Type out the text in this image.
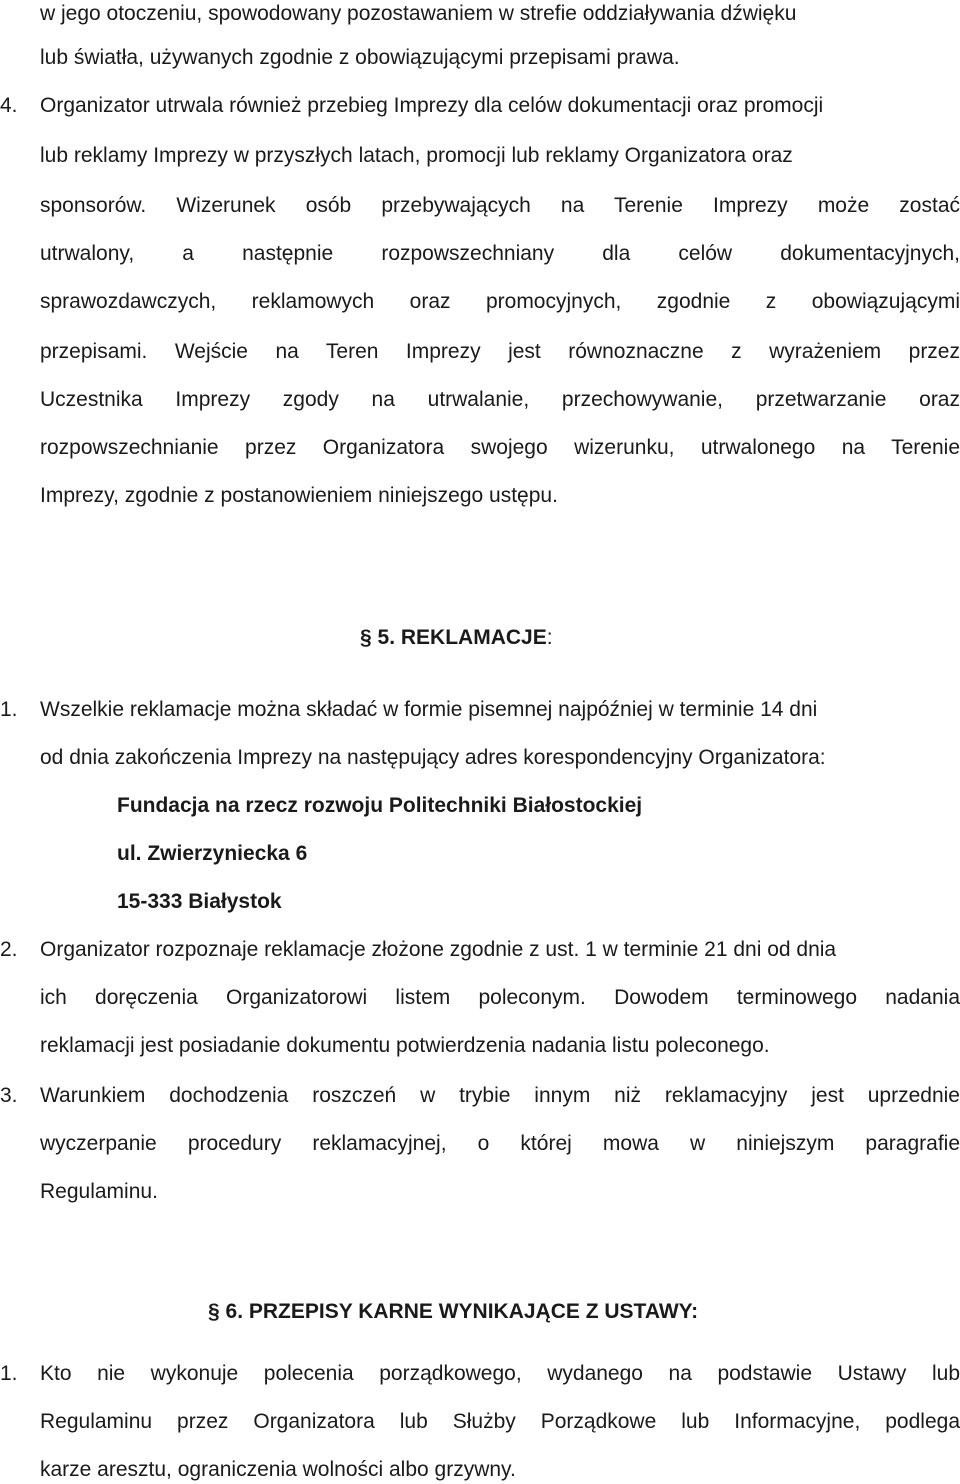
w jego otoczeniu, spowodowany pozostawaniem w strefie oddziaływania dźwięku
lub światła, używanych zgodnie z obowiązującymi przepisami prawa.
4. Organizator utrwala również przebieg Imprezy dla celów dokumentacji oraz promocji
lub reklamy Imprezy w przyszłych latach, promocji lub reklamy Organizatora oraz
sponsorów. Wizerunek osób przebywających na Terenie Imprezy może zostać
utrwalony, a następnie rozpowszechniany dla celów dokumentacyjnych,
sprawozdawczych, reklamowych oraz promocyjnych, zgodnie z obowiązującymi
przepisami. Wejście na Teren Imprezy jest równoznaczne z wyrażeniem przez
Uczestnika Imprezy zgody na utrwalanie, przechowywanie, przetwarzanie oraz
rozpowszechnianie przez Organizatora swojego wizerunku, utrwalonego na Terenie
Imprezy, zgodnie z postanowieniem niniejszego ustępu.
§ 5. REKLAMACJE:
1. Wszelkie reklamacje można składać w formie pisemnej najpóźniej w terminie 14 dni
od dnia zakończenia Imprezy na następujący adres korespondencyjny Organizatora:
Fundacja na rzecz rozwoju Politechniki Białostockiej
ul. Zwierzyniecka 6
15-333 Białystok
2. Organizator rozpoznaje reklamacje złożone zgodnie z ust. 1 w terminie 21 dni od dnia
ich doręczenia Organizatorowi listem poleconym. Dowodem terminowego nadania
reklamacji jest posiadanie dokumentu potwierdzenia nadania listu poleconego.
3. Warunkiem dochodzenia roszczeń w trybie innym niż reklamacyjny jest uprzednie
wyczerpanie procedury reklamacyjnej, o której mowa w niniejszym paragrafie
Regulaminu.
§ 6. PRZEPISY KARNE WYNIKAJĄCE Z USTAWY:
1. Kto nie wykonuje polecenia porządkowego, wydanego na podstawie Ustawy lub
Regulaminu przez Organizatora lub Służby Porządkowe lub Informacyjne, podlega
karze aresztu, ograniczenia wolności albo grzywny.
